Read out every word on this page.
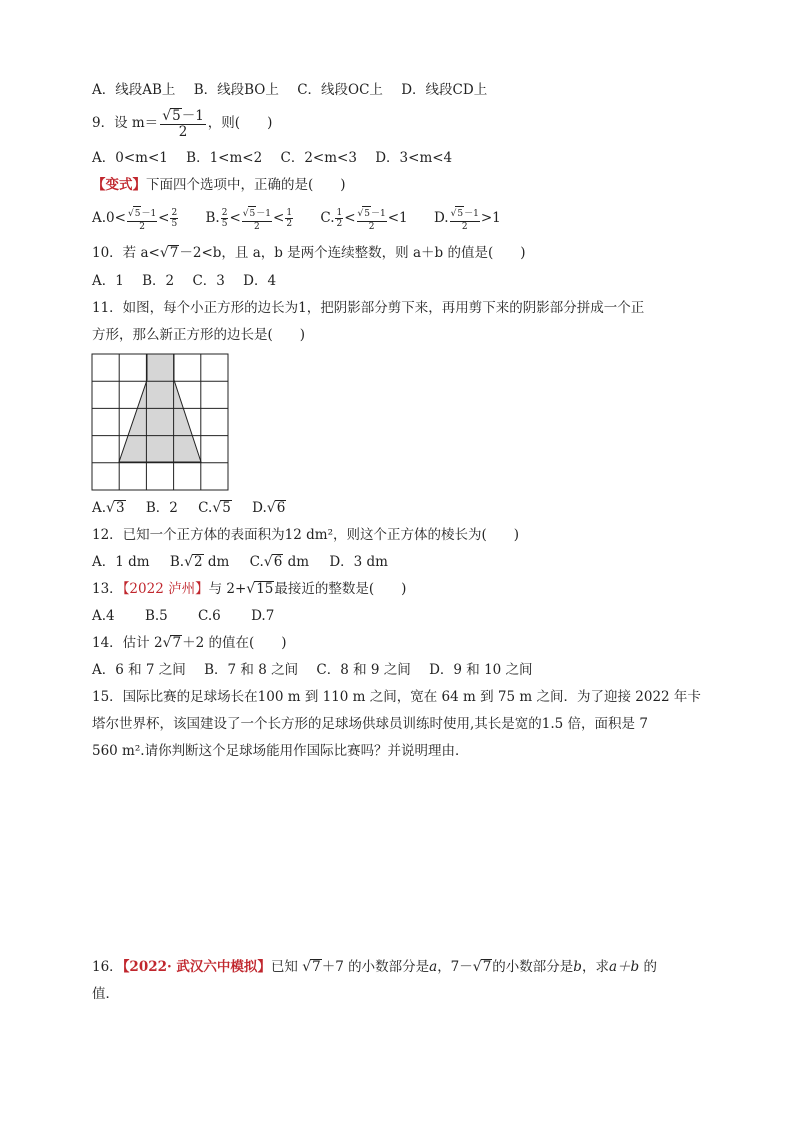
A．线段AB上 B．线段BO上 C．线段OC上 D．线段CD上
9．设 $m= \frac{√5-1}{2}$ ，则(　　)
A．0<m<1 B．1<m<2 C．2<m<3 D．3<m<4
【变式】下面四个选项中，正确的是(　　)
$A.0< \frac{√5-1}{2} < \frac{2}{5} B$. $\frac{2}{5} < \frac{√5-1}{2} < \frac{1}{2} C$. $\frac{1}{2} < \frac{√5-1}{2} <1$ D. $\frac{√5-1}{2} >1$
10．若 a<√7－2<b，且 a，b 是两个连续整数，则 a＋b 的值是(　　)
A．1 B．2 C．3 D．4
11．如图，每个小正方形的边长为1，把阴影部分剪下来，再用剪下来的阴影部分拼成一个正
方形，那么新正方形的边长是(　　)
A.√3 B．2 C.√5 D.√6
12．已知一个正方体的表面积为12 dm²，则这个正方体的棱长为(　　)
A．1 dm B.√2 dm C.√6 dm D．3 dm
13．【2022 泸州】与 2+√15最接近的整数是(　　)
A.4 B.5 C.6 D.7
14．估计 2√7＋2 的值在(　　)
A．6 和 7 之间 B．7 和 8 之间 C．8 和 9 之间 D．9 和 10 之间
15．国际比赛的足球场长在100 m 到 110 m 之间，宽在 64 m 到 75 m 之间．为了迎接 2022 年卡
塔尔世界杯，该国建设了一个长方形的足球场供球员训练时使用,其长是宽的1.5 倍，面积是 7
560 m².请你判断这个足球场能用作国际比赛吗？并说明理由．
16．【2022· 武汉六中模拟】已知 √7＋7 的小数部分是a，7－√7的小数部分是b，求a＋b 的
值．
